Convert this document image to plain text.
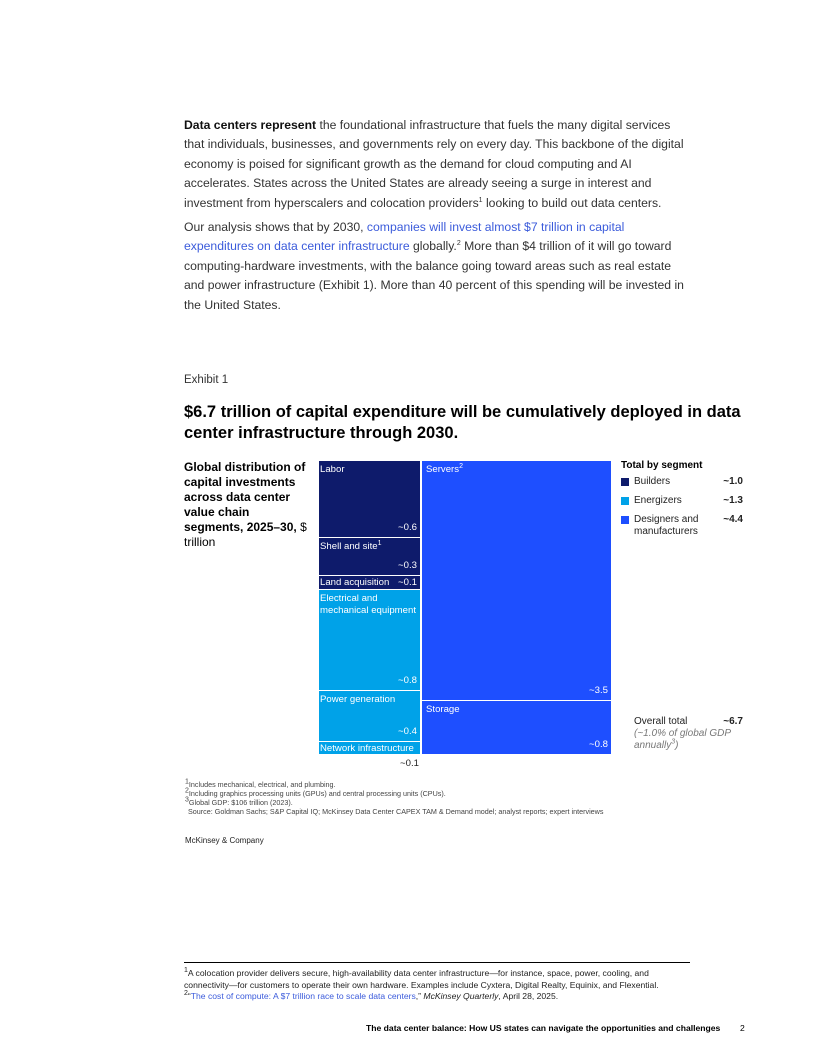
Data centers represent the foundational infrastructure that fuels the many digital services that individuals, businesses, and governments rely on every day. This backbone of the digital economy is poised for significant growth as the demand for cloud computing and AI accelerates. States across the United States are already seeing a surge in interest and investment from hyperscalers and colocation providers$^1$ looking to build out data centers.
Our analysis shows that by 2030, companies will invest almost $7 trillion in capital expenditures on data center infrastructure globally.$^2$ More than $4 trillion of it will go toward computing-hardware investments, with the balance going toward areas such as real estate and power infrastructure (Exhibit 1). More than 40 percent of this spending will be invested in the United States.
Exhibit 1
$6.7 trillion of capital expenditure will be cumulatively deployed in data center infrastructure through 2030.
Global distribution of capital investments across data center value chain segments, 2025–30, $ trillion
Labor
~0.6
Shell and site$^1$
~0.3
Land acquisition ~0.1
Electrical and mechanical equipment
~0.8
Power generation
~0.4
Network infrastructure
~0.1
Servers$^2$
~3.5
Storage
~0.8
Total by segment
Builders	~1.0
Energizers	~1.3
Designers and manufacturers
~4.4
Overall total	~6.7
(~1.0% of global GDP annually$^3$)
$^1$Includes mechanical, electrical, and plumbing.
$^2$Including graphics processing units (GPUs) and central processing units (CPUs).
$^3$Global GDP: $106 trillion (2023).
Source: Goldman Sachs; S&P Capital IQ; McKinsey Data Center CAPEX TAM & Demand model; analyst reports; expert interviews
McKinsey & Company
$^1$A colocation provider delivers secure, high-availability data center infrastructure—for instance, space, power, cooling, and connectivity—for customers to operate their own hardware. Examples include Cyxtera, Digital Realty, Equinix, and Flexential.
$^2$“The cost of compute: A $7 trillion race to scale data centers,” McKinsey Quarterly, April 28, 2025.
The data center balance: How US states can navigate the opportunities and challenges 2
